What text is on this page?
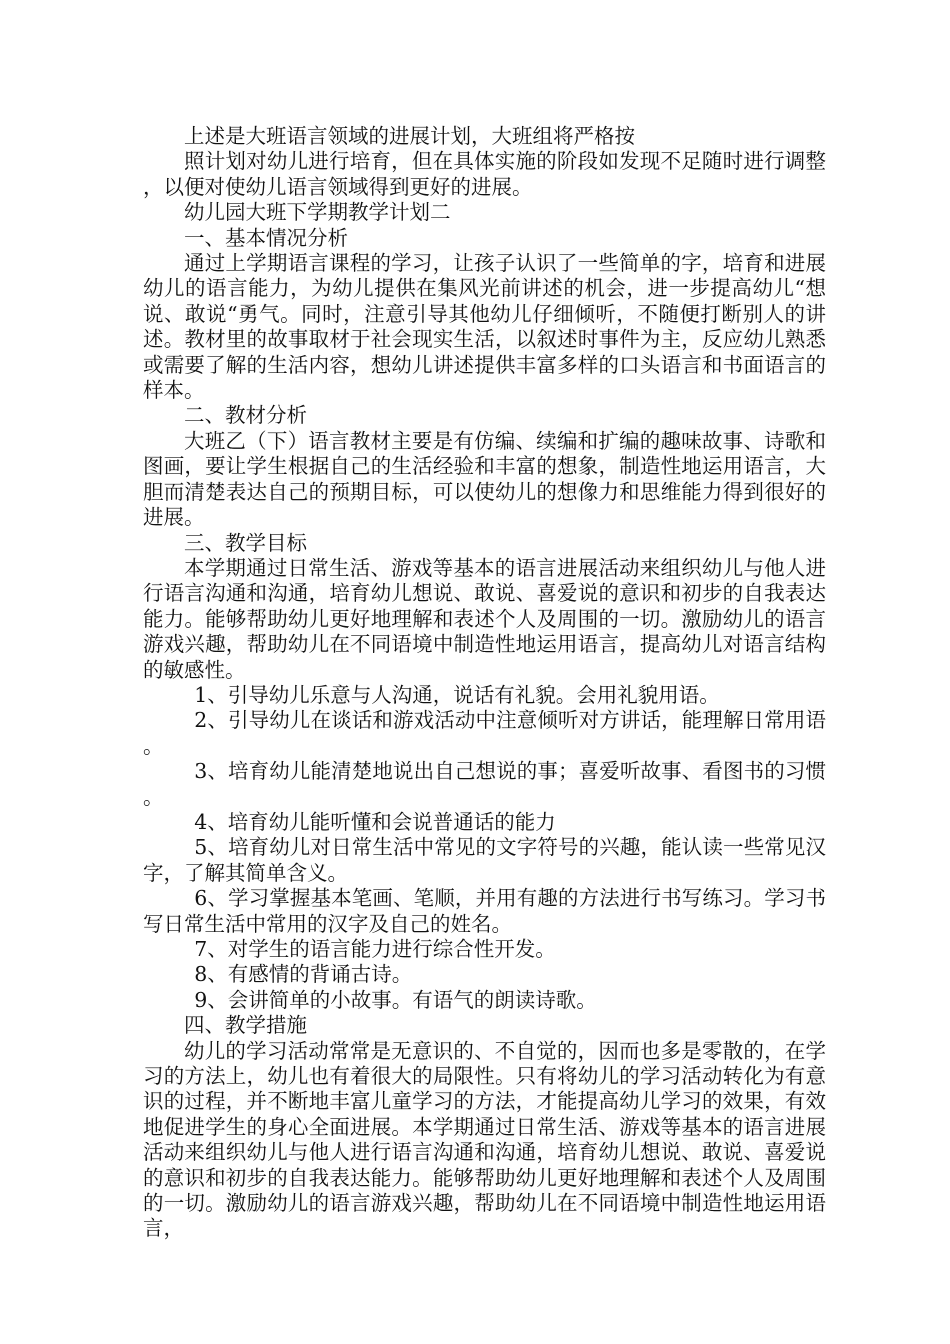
上述是大班语言领域的进展计划，大班组将严格按

照计划对幼儿进行培育，但在具体实施的阶段如发现不足随时进行调整，以便对使幼儿语言领域得到更好的进展。

幼儿园大班下学期教学计划二

一、基本情况分析

通过上学期语言课程的学习，让孩子认识了一些简单的字，培育和进展幼儿的语言能力，为幼儿提供在集风光前讲述的机会，进一步提高幼儿“想说、敢说“勇气。同时，注意引导其他幼儿仔细倾听，不随便打断别人的讲述。教材里的故事取材于社会现实生活，以叙述时事件为主，反应幼儿熟悉或需要了解的生活内容，想幼儿讲述提供丰富多样的口头语言和书面语言的样本。

二、教材分析

大班乙（下）语言教材主要是有仿编、续编和扩编的趣味故事、诗歌和图画，要让学生根据自己的生活经验和丰富的想象，制造性地运用语言，大胆而清楚表达自己的预期目标，可以使幼儿的想像力和思维能力得到很好的进展。

三、教学目标

本学期通过日常生活、游戏等基本的语言进展活动来组织幼儿与他人进行语言沟通和沟通，培育幼儿想说、敢说、喜爱说的意识和初步的自我表达能力。能够帮助幼儿更好地理解和表述个人及周围的一切。激励幼儿的语言游戏兴趣，帮助幼儿在不同语境中制造性地运用语言，提高幼儿对语言结构的敏感性。

1、引导幼儿乐意与人沟通，说话有礼貌。会用礼貌用语。

2、引导幼儿在谈话和游戏活动中注意倾听对方讲话，能理解日常用语。

3、培育幼儿能清楚地说出自己想说的事；喜爱听故事、看图书的习惯。

4、培育幼儿能听懂和会说普通话的能力

5、培育幼儿对日常生活中常见的文字符号的兴趣，能认读一些常见汉字，了解其简单含义。

6、学习掌握基本笔画、笔顺，并用有趣的方法进行书写练习。学习书写日常生活中常用的汉字及自己的姓名。

7、对学生的语言能力进行综合性开发。

8、有感情的背诵古诗。

9、会讲简单的小故事。有语气的朗读诗歌。

四、教学措施

幼儿的学习活动常常是无意识的、不自觉的，因而也多是零散的，在学习的方法上，幼儿也有着很大的局限性。只有将幼儿的学习活动转化为有意识的过程，并不断地丰富儿童学习的方法，才能提高幼儿学习的效果，有效地促进学生的身心全面进展。本学期通过日常生活、游戏等基本的语言进展活动来组织幼儿与他人进行语言沟通和沟通，培育幼儿想说、敢说、喜爱说的意识和初步的自我表达能力。能够帮助幼儿更好地理解和表述个人及周围的一切。激励幼儿的语言游戏兴趣，帮助幼儿在不同语境中制造性地运用语言，
